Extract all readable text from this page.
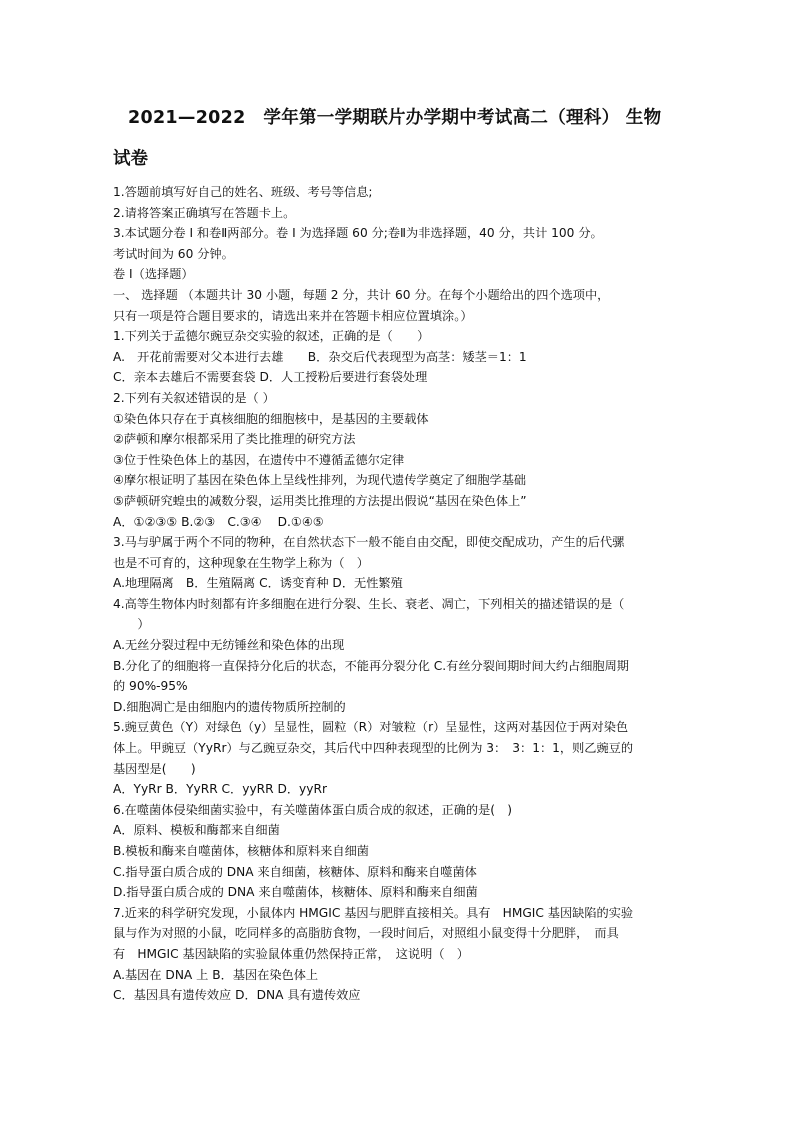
2021—2022　学年第一学期联片办学期中考试高二（理科） 生物
试卷
1.答题前填写好自己的姓名、班级、考号等信息;
2.请将答案正确填写在答题卡上。
3.本试题分卷 Ⅰ 和卷Ⅱ两部分。卷 Ⅰ 为选择题 60 分;卷Ⅱ为非选择题，40 分，共计 100 分。
考试时间为 60 分钟。
卷 Ⅰ（选择题）
一、 选择题 （本题共计 30 小题，每题 2 分，共计 60 分。在每个小题给出的四个选项中，
只有一项是符合题目要求的，请选出来并在答题卡相应位置填涂。）
1.下列关于孟德尔豌豆杂交实验的叙述，正确的是（　　）
A.　开花前需要对父本进行去雄　　B．杂交后代表现型为高茎：矮茎＝1：1
C．亲本去雄后不需要套袋 D．人工授粉后要进行套袋处理
2.下列有关叙述错误的是（ ）
①染色体只存在于真核细胞的细胞核中，是基因的主要载体
②萨顿和摩尔根都采用了类比推理的研究方法
③位于性染色体上的基因，在遗传中不遵循孟德尔定律
④摩尔根证明了基因在染色体上呈线性排列，为现代遗传学奠定了细胞学基础
⑤萨顿研究蝗虫的减数分裂，运用类比推理的方法提出假说“基因在染色体上”
A．①②③⑤ B.②③　C.③④　 D.①④⑤
3.马与驴属于两个不同的物种，在自然状态下一般不能自由交配，即使交配成功，产生的后代骡
也是不可育的，这种现象在生物学上称为（　）
A.地理隔离　B．生殖隔离 C．诱变育种 D．无性繁殖
4.高等生物体内时刻都有许多细胞在进行分裂、生长、衰老、凋亡，下列相关的描述错误的是（
　　）
A.无丝分裂过程中无纺锤丝和染色体的出现
B.分化了的细胞将一直保持分化后的状态，不能再分裂分化 C.有丝分裂间期时间大约占细胞周期
的 90%-95%
D.细胞凋亡是由细胞内的遗传物质所控制的
5.豌豆黄色（Y）对绿色（y）呈显性，圆粒（R）对皱粒（r）呈显性，这两对基因位于两对染色
体上。甲豌豆（YyRr）与乙豌豆杂交，其后代中四种表现型的比例为 3：　3：1：1，则乙豌豆的
基因型是(　　)
A．YyRr B．YyRR C．yyRR D．yyRr
6.在噬菌体侵染细菌实验中，有关噬菌体蛋白质合成的叙述，正确的是(　)
A．原料、模板和酶都来自细菌
B.模板和酶来自噬菌体，核糖体和原料来自细菌
C.指导蛋白质合成的 DNA 来自细菌，核糖体、原料和酶来自噬菌体
D.指导蛋白质合成的 DNA 来自噬菌体，核糖体、原料和酶来自细菌
7.近来的科学研究发现，小鼠体内 HMGIC 基因与肥胖直接相关。具有　HMGIC 基因缺陷的实验
鼠与作为对照的小鼠，吃同样多的高脂肪食物，一段时间后，对照组小鼠变得十分肥胖，　而具
有　HMGIC 基因缺陷的实验鼠体重仍然保持正常，　这说明（　）
A.基因在 DNA 上 B．基因在染色体上
C．基因具有遗传效应 D．DNA 具有遗传效应
